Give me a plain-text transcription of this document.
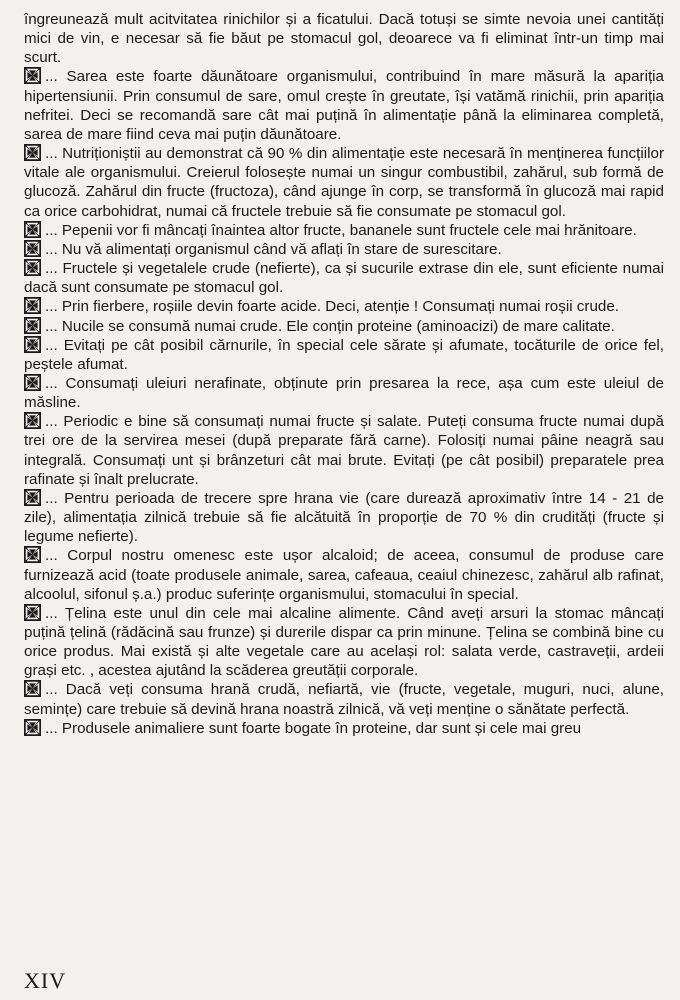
îngreunează mult acitvitatea rinichilor și a ficatului. Dacă totuși se simte nevoia unei cantități mici de vin, e necesar să fie băut pe stomacul gol, deoarece va fi eliminat într-un timp mai scurt.

... Sarea este foarte dăunătoare organismului, contribuind în mare măsură la apariția hipertensiunii. Prin consumul de sare, omul crește în greutate, își vatămă rinichii, prin apariția nefritei. Deci se recomandă sare cât mai puțină în alimentație până la eliminarea completă, sarea de mare fiind ceva mai puțin dăunătoare.

... Nutriționiștii au demonstrat că 90 % din alimentație este necesară în menținerea funcțiilor vitale ale organismului. Creierul folosește numai un singur combustibil, zahărul, sub formă de glucoză. Zahărul din fructe (fructoza), când ajunge în corp, se transformă în glucoză mai rapid ca orice carbohidrat, numai că fructele trebuie să fie consumate pe stomacul gol.

... Pepenii vor fi mâncați înaintea altor fructe, bananele sunt fructele cele mai hrănitoare.

... Nu vă alimentați organismul când vă aflați în stare de surescitare.

... Fructele și vegetalele crude (nefierte), ca și sucurile extrase din ele, sunt eficiente numai dacă sunt consumate pe stomacul gol.

... Prin fierbere, roșiile devin foarte acide. Deci, atenție ! Consumați numai roșii crude.

... Nucile se consumă numai crude. Ele conțin proteine (aminoacizi) de mare calitate.

... Evitați pe cât posibil cărnurile, în special cele sărate și afumate, tocăturile de orice fel, peștele afumat.

... Consumați uleiuri nerafinate, obținute prin presarea la rece, așa cum este uleiul de măsline.

... Periodic e bine să consumați numai fructe și salate. Puteți consuma fructe numai după trei ore de la servirea mesei (după preparate fără carne). Folosiți numai pâine neagră sau integrală. Consumați unt și brânzeturi cât mai brute. Evitați (pe cât posibil) preparatele prea rafinate și înalt prelucrate.

... Pentru perioada de trecere spre hrana vie (care durează aproximativ între 14 - 21 de zile), alimentația zilnică trebuie să fie alcătuită în proporție de 70 % din crudități (fructe și legume nefierte).

... Corpul nostru omenesc este ușor alcaloid; de aceea, consumul de produse care furnizează acid (toate produsele animale, sarea, cafeaua, ceaiul chinezesc, zahărul alb rafinat, alcoolul, sifonul ș.a.) produc suferințe organismului, stomacului în special.

... Țelina este unul din cele mai alcaline alimente. Când aveți arsuri la stomac mâncați puțină țelină (rădăcină sau frunze) și durerile dispar ca prin minune. Țelina se combină bine cu orice produs. Mai există și alte vegetale care au același rol: salata verde, castraveții, ardeii grași etc. , acestea ajutând la scăderea greutății corporale.

... Dacă veți consuma hrană crudă, nefiartă, vie (fructe, vegetale, muguri, nuci, alune, semințe) care trebuie să devină hrana noastră zilnică, vă veți menține o sănătate perfectă.

... Produsele animaliere sunt foarte bogate în proteine, dar sunt și cele mai greu

XIV
